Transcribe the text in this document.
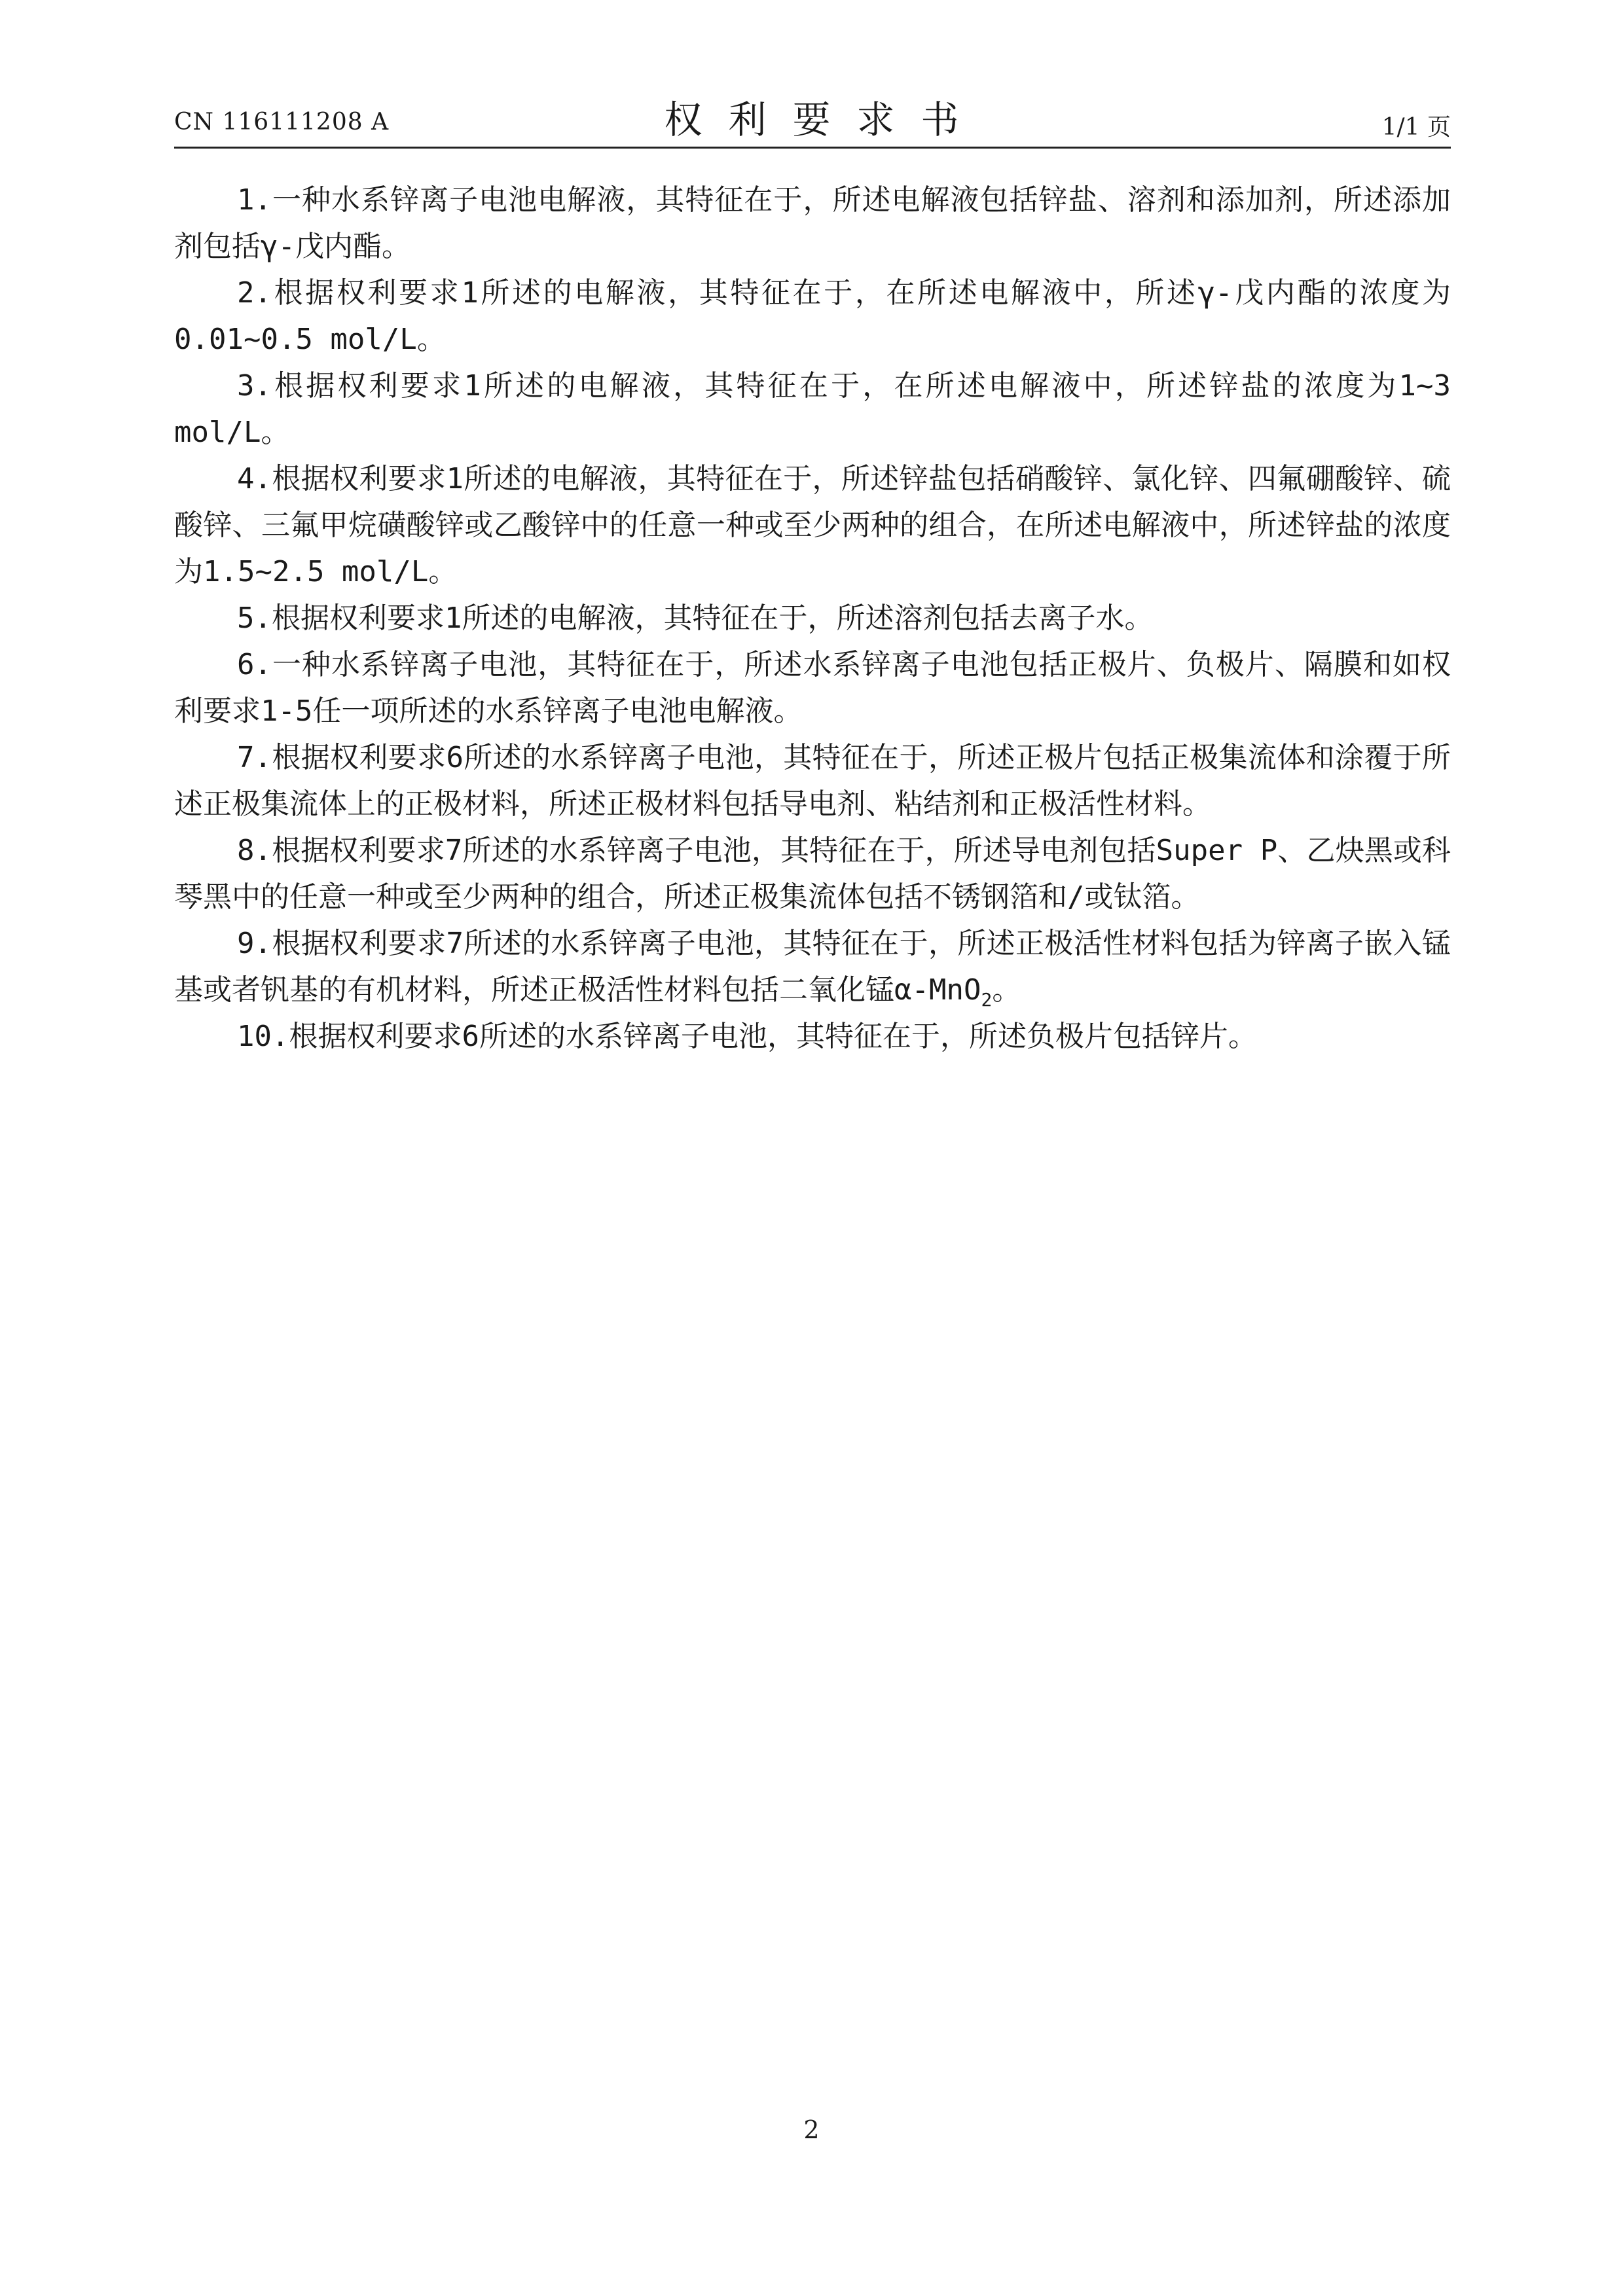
CN 116111208 A	权利要求书	1/1 页

1.一种水系锌离子电池电解液，其特征在于，所述电解液包括锌盐、溶剂和添加剂，所述添加剂包括γ-戊内酯。

2.根据权利要求1所述的电解液，其特征在于，在所述电解液中，所述γ-戊内酯的浓度为0.01~0.5 mol/L。

3.根据权利要求1所述的电解液，其特征在于，在所述电解液中，所述锌盐的浓度为1~3 mol/L。

4.根据权利要求1所述的电解液，其特征在于，所述锌盐包括硝酸锌、氯化锌、四氟硼酸锌、硫酸锌、三氟甲烷磺酸锌或乙酸锌中的任意一种或至少两种的组合，在所述电解液中，所述锌盐的浓度为1.5~2.5 mol/L。

5.根据权利要求1所述的电解液，其特征在于，所述溶剂包括去离子水。

6.一种水系锌离子电池，其特征在于，所述水系锌离子电池包括正极片、负极片、隔膜和如权利要求1-5任一项所述的水系锌离子电池电解液。

7.根据权利要求6所述的水系锌离子电池，其特征在于，所述正极片包括正极集流体和涂覆于所述正极集流体上的正极材料，所述正极材料包括导电剂、粘结剂和正极活性材料。

8.根据权利要求7所述的水系锌离子电池，其特征在于，所述导电剂包括Super P、乙炔黑或科琴黑中的任意一种或至少两种的组合，所述正极集流体包括不锈钢箔和/或钛箔。

9.根据权利要求7所述的水系锌离子电池，其特征在于，所述正极活性材料包括为锌离子嵌入锰基或者钒基的有机材料，所述正极活性材料包括二氧化锰α-MnO$_2$。

10.根据权利要求6所述的水系锌离子电池，其特征在于，所述负极片包括锌片。

2
